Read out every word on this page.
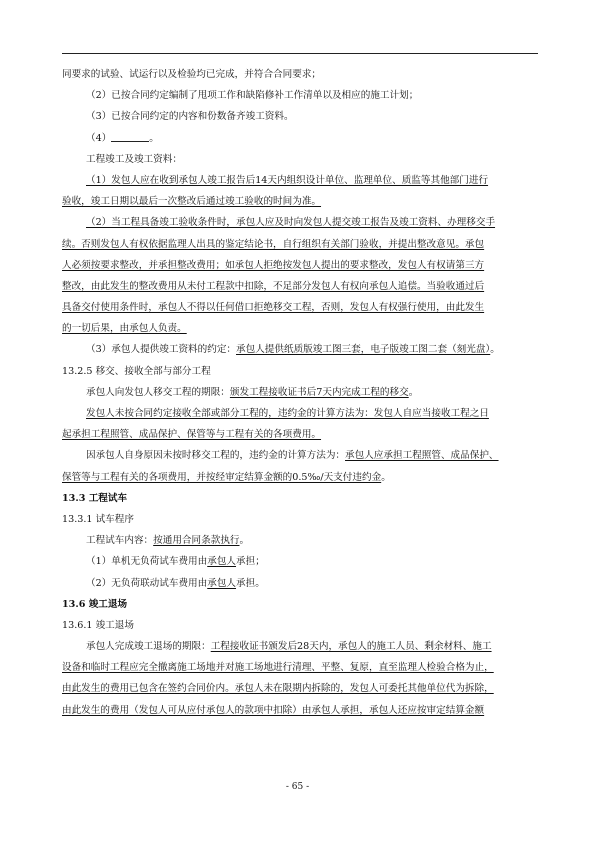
同要求的试验、试运行以及检验均已完成，并符合合同要求；
（2）已按合同约定编制了甩项工作和缺陷修补工作清单以及相应的施工计划；
（3）已按合同约定的内容和份数备齐竣工资料。
（4）	。
工程竣工及竣工资料：
（1）发包人应在收到承包人竣工报告后14天内组织设计单位、监理单位、质监等其他部门进行
验收，竣工日期以最后一次整改后通过竣工验收的时间为准。
（2）当工程具备竣工验收条件时，承包人应及时向发包人提交竣工报告及竣工资料、办理移交手
续。否则发包人有权依据监理人出具的鉴定结论书，自行组织有关部门验收，并提出整改意见。承包
人必须按要求整改，并承担整改费用；如承包人拒绝按发包人提出的要求整改，发包人有权请第三方
整改，由此发生的整改费用从未付工程款中扣除，不足部分发包人有权向承包人追偿。当验收通过后
具备交付使用条件时，承包人不得以任何借口拒绝移交工程，否则，发包人有权强行使用，由此发生
的一切后果，由承包人负责。
（3）承包人提供竣工资料的约定：承包人提供纸质版竣工图三套，电子版竣工图二套（刻光盘）。
13.2.5 移交、接收全部与部分工程
承包人向发包人移交工程的期限：颁发工程接收证书后7天内完成工程的移交。
发包人未按合同约定接收全部或部分工程的，违约金的计算方法为：发包人自应当接收工程之日
起承担工程照管、成品保护、保管等与工程有关的各项费用。
因承包人自身原因未按时移交工程的，违约金的计算方法为：承包人应承担工程照管、成品保护、
保管等与工程有关的各项费用，并按经审定结算金额的0.5‰/天支付违约金。
13.3 工程试车
13.3.1 试车程序
工程试车内容：按通用合同条款执行。
（1）单机无负荷试车费用由承包人承担；
（2）无负荷联动试车费用由承包人承担。
13.6 竣工退场
13.6.1 竣工退场
承包人完成竣工退场的期限：工程接收证书颁发后28天内，承包人的施工人员、剩余材料、施工
设备和临时工程应完全撤离施工场地并对施工场地进行清理、平整、复原，直至监理人检验合格为止，
由此发生的费用已包含在签约合同价内。承包人未在限期内拆除的，发包人可委托其他单位代为拆除，
由此发生的费用（发包人可从应付承包人的款项中扣除）由承包人承担，承包人还应按审定结算金额
- 65 -
